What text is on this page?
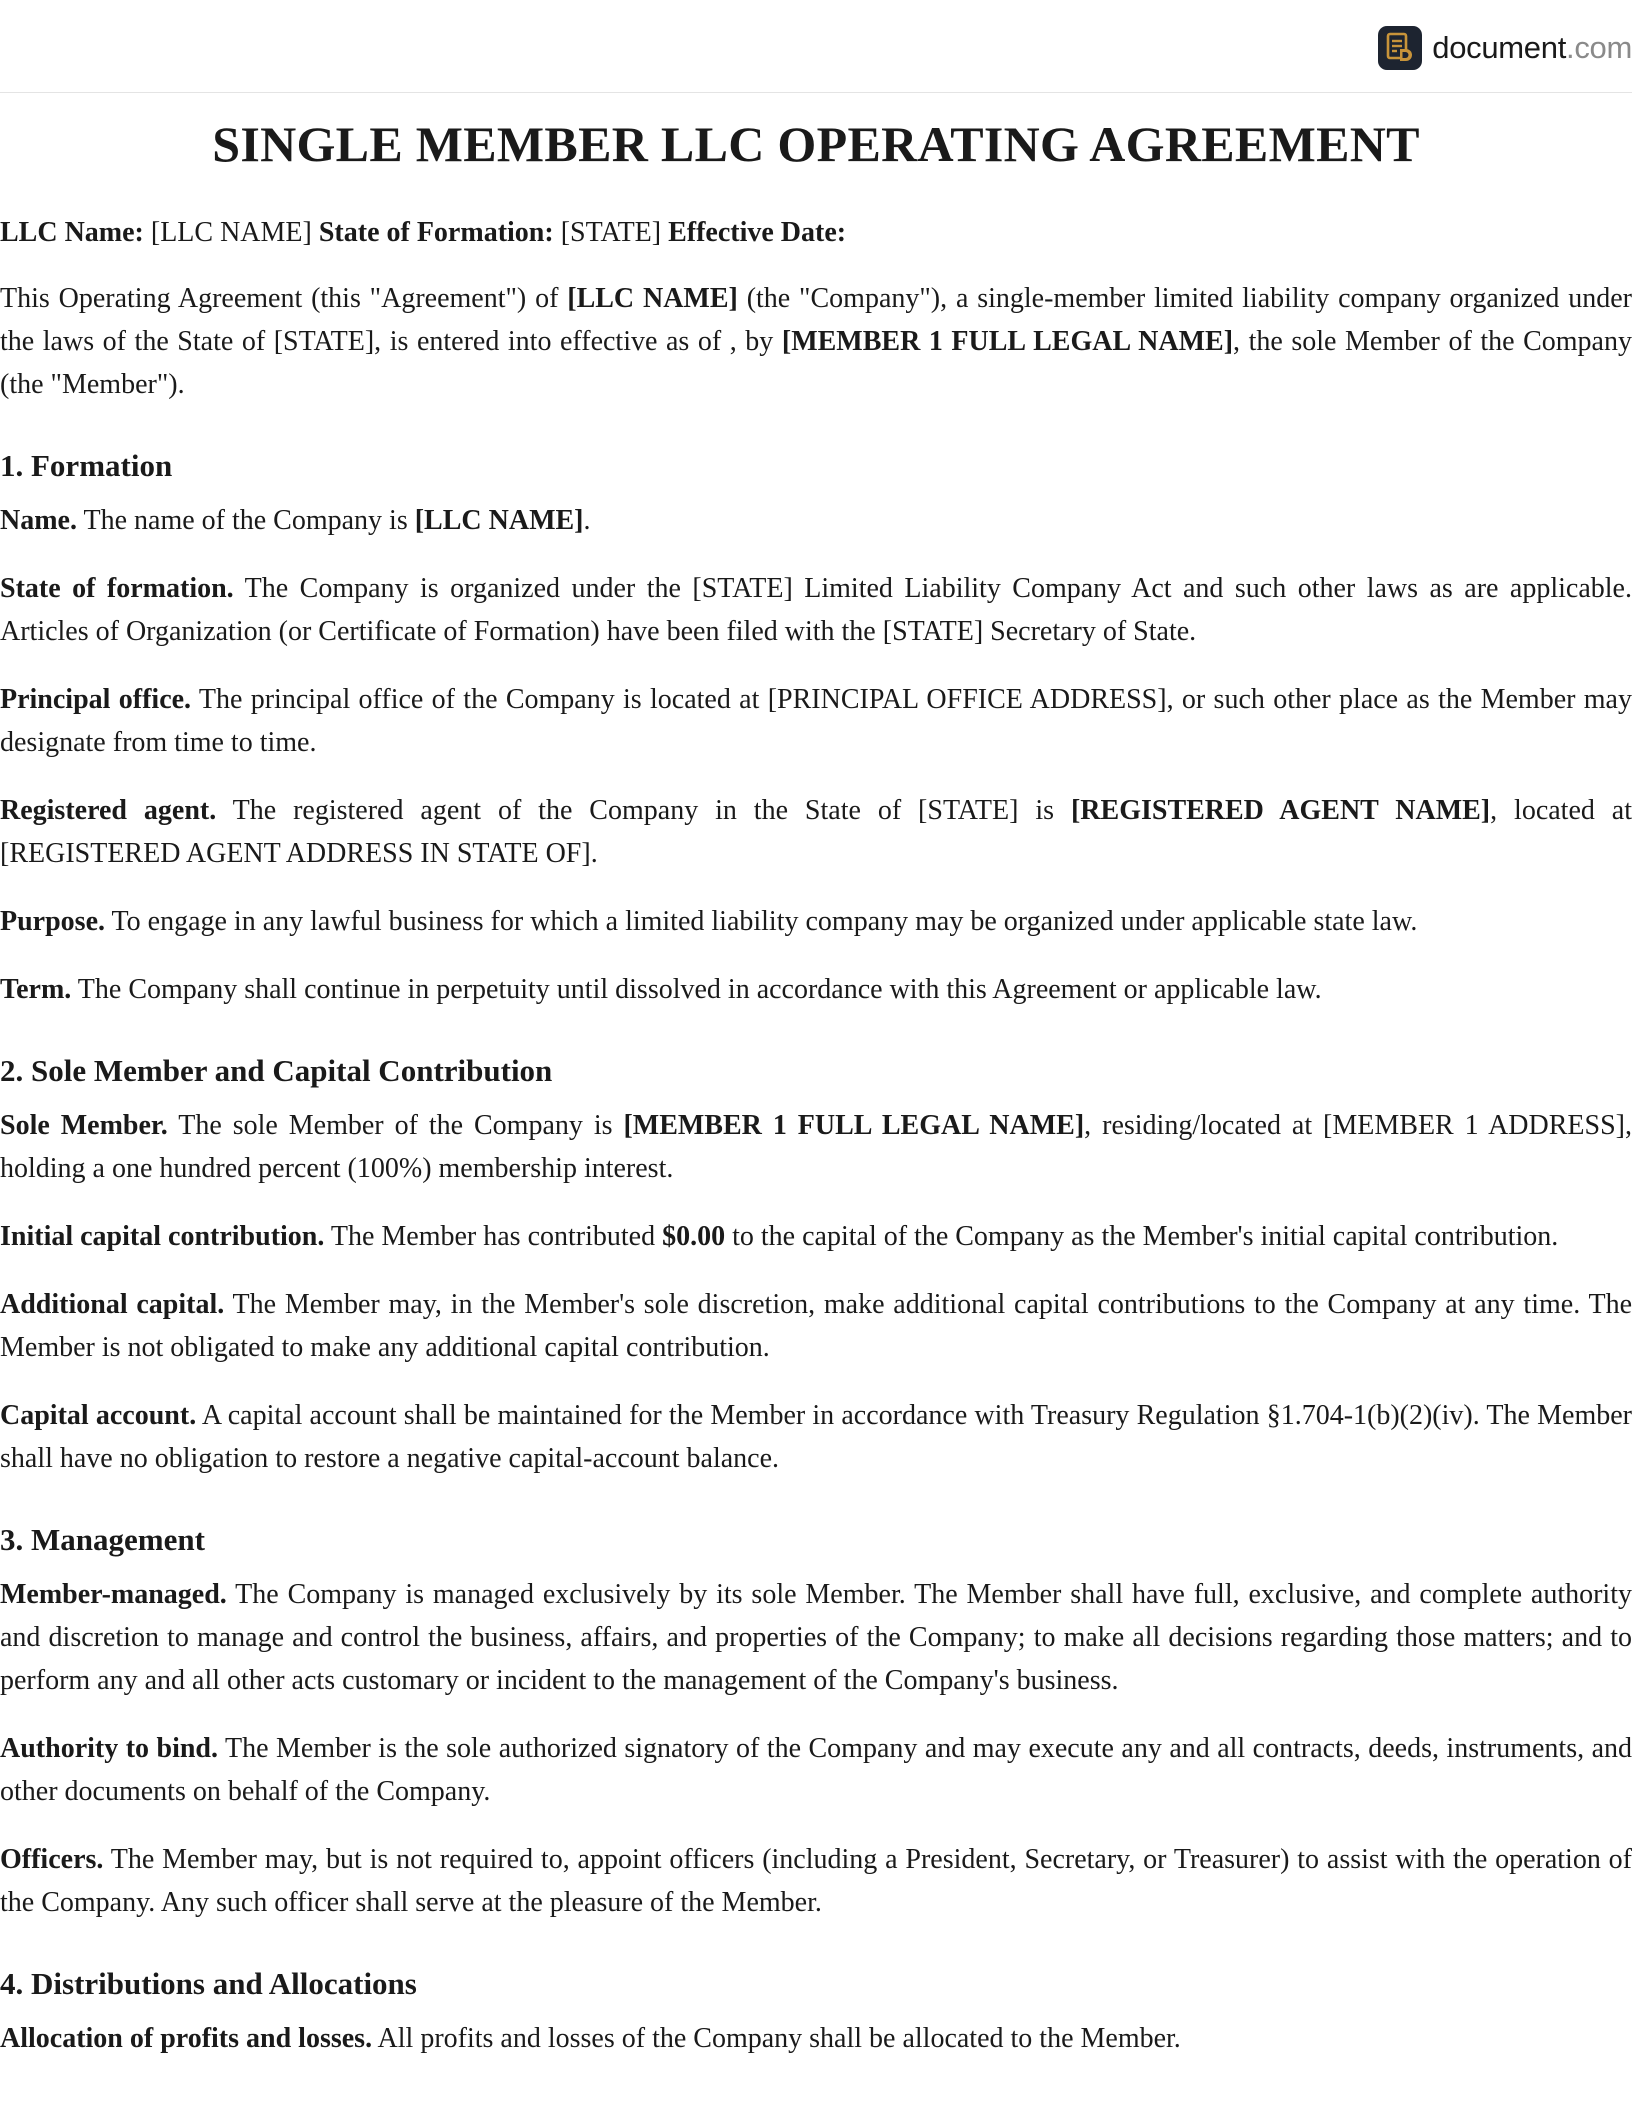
document.com
SINGLE MEMBER LLC OPERATING AGREEMENT

LLC Name: [LLC NAME] State of Formation: [STATE] Effective Date:

This Operating Agreement (this "Agreement") of [LLC NAME] (the "Company"), a single-member limited liability company organized under the laws of the State of [STATE], is entered into effective as of , by [MEMBER 1 FULL LEGAL NAME], the sole Member of the Company (the "Member").

1. Formation

Name. The name of the Company is [LLC NAME].

State of formation. The Company is organized under the [STATE] Limited Liability Company Act and such other laws as are applicable. Articles of Organization (or Certificate of Formation) have been filed with the [STATE] Secretary of State.

Principal office. The principal office of the Company is located at [PRINCIPAL OFFICE ADDRESS], or such other place as the Member may designate from time to time.

Registered agent. The registered agent of the Company in the State of [STATE] is [REGISTERED AGENT NAME], located at [REGISTERED AGENT ADDRESS IN STATE OF].

Purpose. To engage in any lawful business for which a limited liability company may be organized under applicable state law.

Term. The Company shall continue in perpetuity until dissolved in accordance with this Agreement or applicable law.

2. Sole Member and Capital Contribution

Sole Member. The sole Member of the Company is [MEMBER 1 FULL LEGAL NAME], residing/located at [MEMBER 1 ADDRESS], holding a one hundred percent (100%) membership interest.

Initial capital contribution. The Member has contributed $0.00 to the capital of the Company as the Member's initial capital contribution.

Additional capital. The Member may, in the Member's sole discretion, make additional capital contributions to the Company at any time. The Member is not obligated to make any additional capital contribution.

Capital account. A capital account shall be maintained for the Member in accordance with Treasury Regulation §1.704-1(b)(2)(iv). The Member shall have no obligation to restore a negative capital-account balance.

3. Management

Member-managed. The Company is managed exclusively by its sole Member. The Member shall have full, exclusive, and complete authority and discretion to manage and control the business, affairs, and properties of the Company; to make all decisions regarding those matters; and to perform any and all other acts customary or incident to the management of the Company's business.

Authority to bind. The Member is the sole authorized signatory of the Company and may execute any and all contracts, deeds, instruments, and other documents on behalf of the Company.

Officers. The Member may, but is not required to, appoint officers (including a President, Secretary, or Treasurer) to assist with the operation of the Company. Any such officer shall serve at the pleasure of the Member.

4. Distributions and Allocations

Allocation of profits and losses. All profits and losses of the Company shall be allocated to the Member.
